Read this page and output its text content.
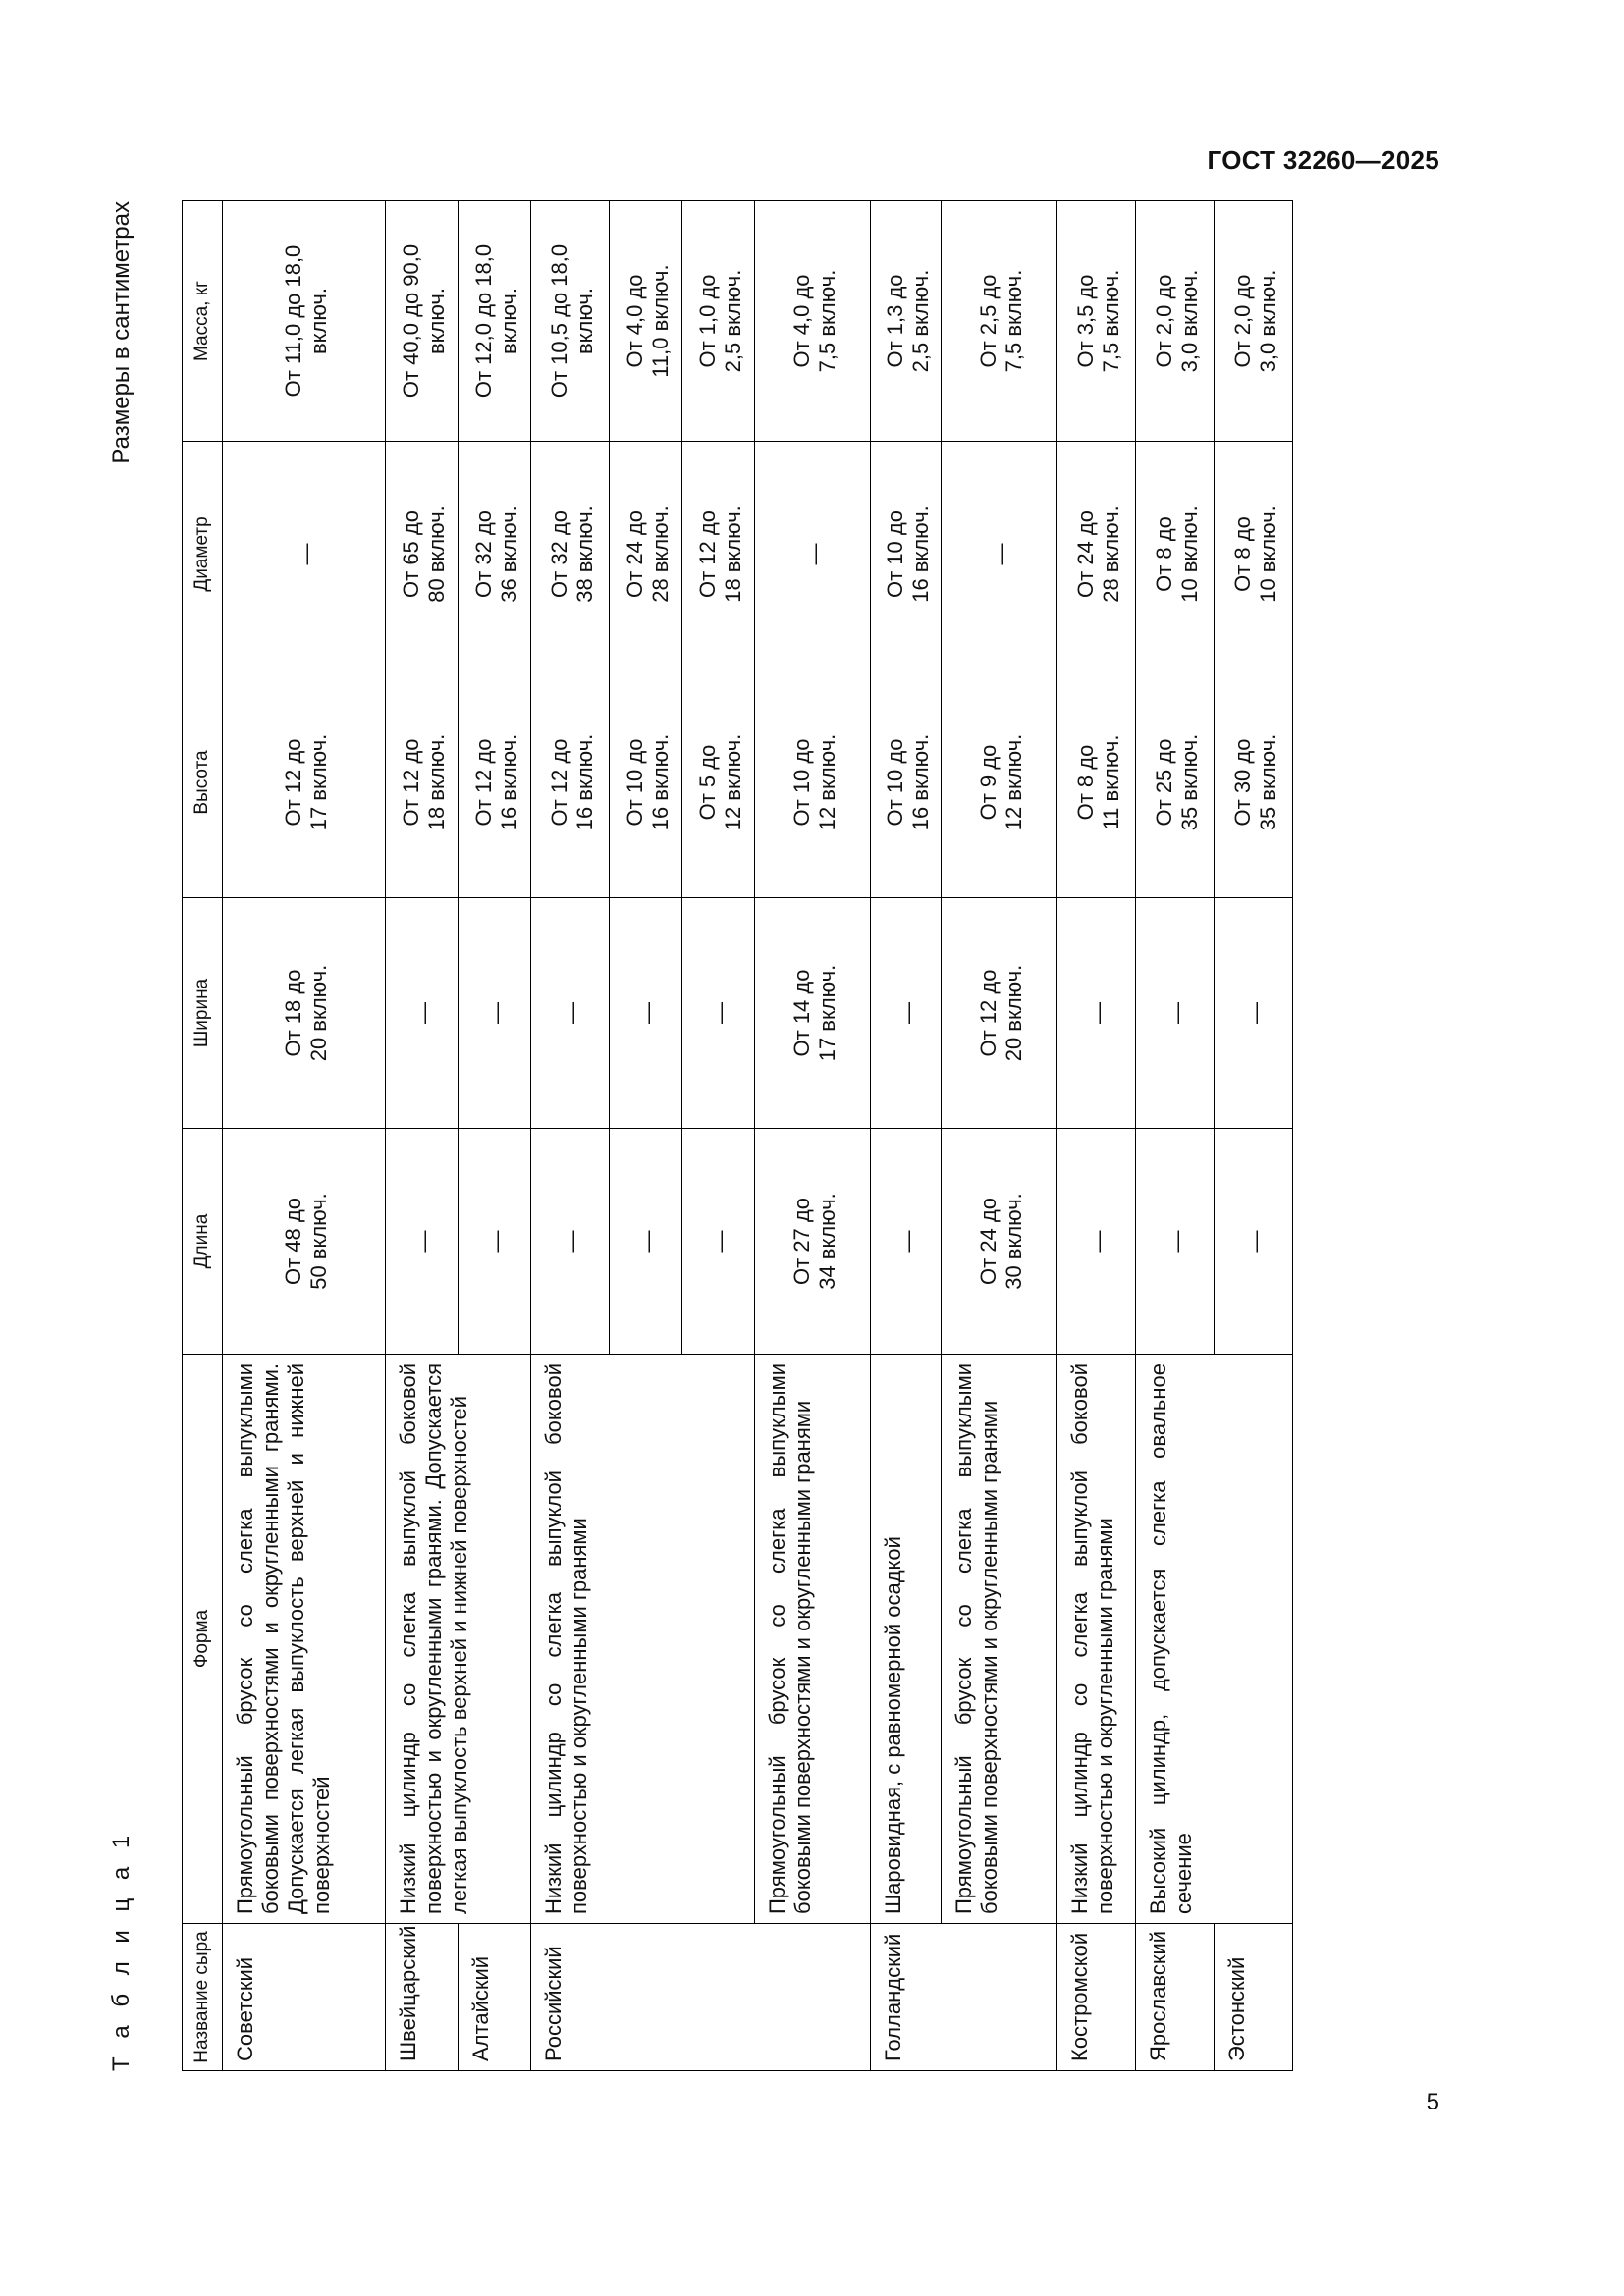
ГОСТ 32260—2025
Т а б л и ц а 1
Размеры в сантиметрах
Название сыра	Форма	Длина	Ширина	Высота	Диаметр	Масса, кг
Советский	Прямоугольный брусок со слегка выпуклыми боковыми поверхностями и округленными гранями. Допускается легкая выпуклость верхней и нижней поверхностей	От 48 до
50 включ.	От 18 до
20 включ.	От 12 до
17 включ.	—	От 11,0 до 18,0
включ.
Швейцарский	Низкий цилиндр со слегка выпуклой боковой поверхностью и округленными гранями. Допускается легкая выпуклость верхней и нижней поверхностей	—	—	От 12 до
18 включ.	От 65 до
80 включ.	От 40,0 до 90,0
включ.
Алтайский		—	—	От 12 до
16 включ.	От 32 до
36 включ.	От 12,0 до 18,0
включ.
Российский	Низкий цилиндр со слегка выпуклой боковой поверхностью и округленными гранями	—	—	От 12 до
16 включ.	От 32 до
38 включ.	От 10,5 до 18,0
включ.
		—	—	От 10 до
16 включ.	От 24 до
28 включ.	От 4,0 до
11,0 включ.
		—	—	От 5 до
12 включ.	От 12 до
18 включ.	От 1,0 до
2,5 включ.
	Прямоугольный брусок со слегка выпуклыми боковыми поверхностями и округленными гранями	От 27 до
34 включ.	От 14 до
17 включ.	От 10 до
12 включ.	—	От 4,0 до
7,5 включ.
Голландский	Шаровидная, с равномерной осадкой	—	—	От 10 до
16 включ.	От 10 до
16 включ.	От 1,3 до
2,5 включ.
	Прямоугольный брусок со слегка выпуклыми боковыми поверхностями и округленными гранями	От 24 до
30 включ.	От 12 до
20 включ.	От 9 до
12 включ.	—	От 2,5 до
7,5 включ.
Костромской	Низкий цилиндр со слегка выпуклой боковой поверхностью и округленными гранями	—	—	От 8 до
11 включ.	От 24 до
28 включ.	От 3,5 до
7,5 включ.
Ярославский	Высокий цилиндр, допускается слегка овальное сечение	—	—	От 25 до
35 включ.	От 8 до
10 включ.	От 2,0 до
3,0 включ.
Эстонский		—	—	От 30 до
35 включ.	От 8 до
10 включ.	От 2,0 до
3,0 включ.
5
